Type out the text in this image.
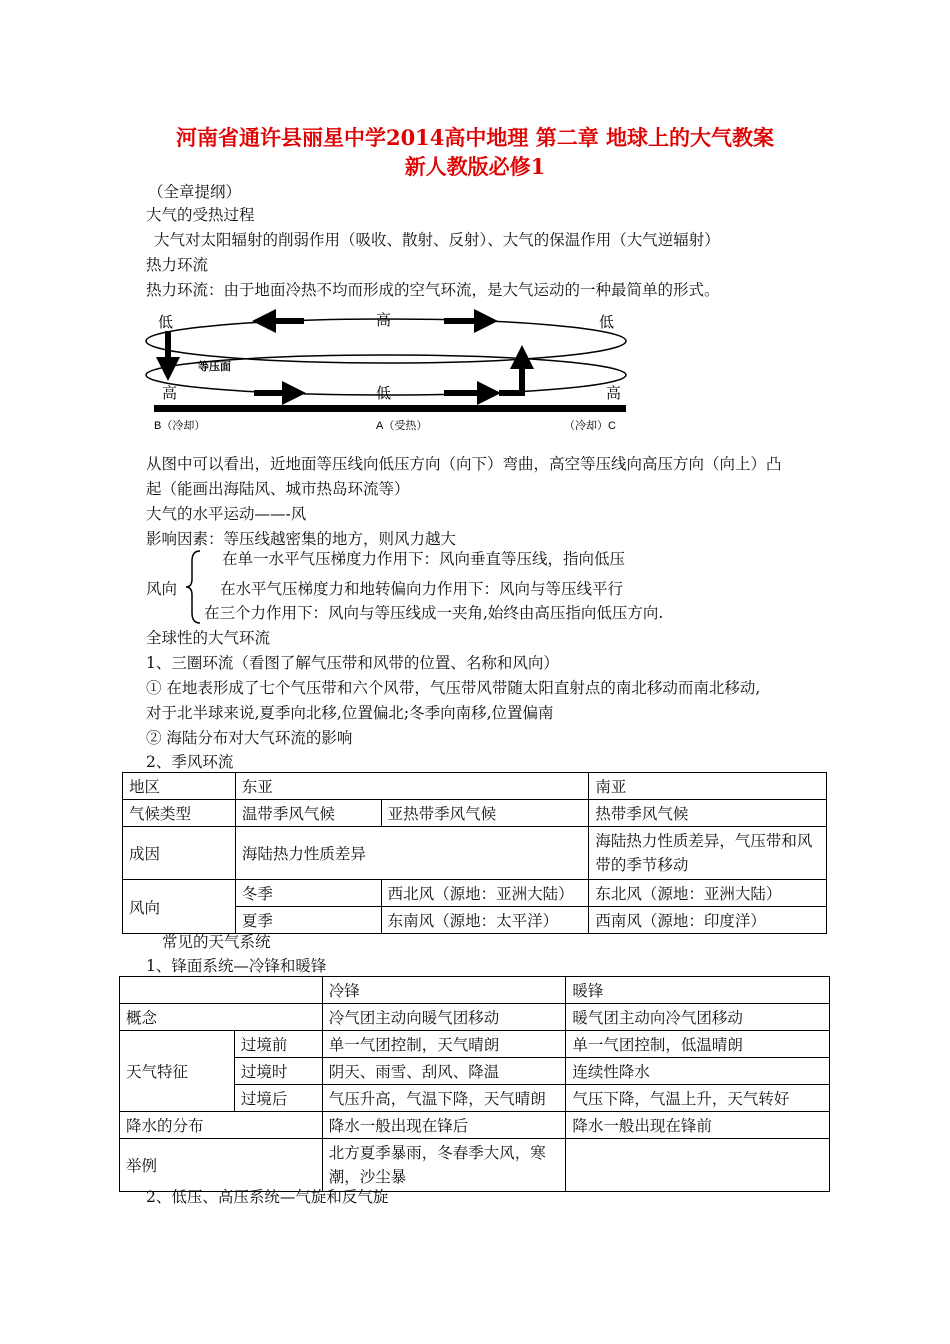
河南省通许县丽星中学2014高中地理 第二章 地球上的大气教案
新人教版必修1
（全章提纲）
大气的受热过程
大气对太阳辐射的削弱作用（吸收、散射、反射）、大气的保温作用（大气逆辐射）
热力环流
热力环流：由于地面冷热不均而形成的空气环流，是大气运动的一种最简单的形式。
高
低	低
高	低	高
等压面
B（冷却）	A（受热）	（冷却）C
从图中可以看出，近地面等压线向低压方向（向下）弯曲，高空等压线向高压方向（向上）凸
起（能画出海陆风、城市热岛环流等）
大气的水平运动——-风
影响因素：等压线越密集的地方，则风力越大
风向
在单一水平气压梯度力作用下：风向垂直等压线，指向低压
在水平气压梯度力和地转偏向力作用下：风向与等压线平行
在三个力作用下：风向与等压线成一夹角,始终由高压指向低压方向.
全球性的大气环流
1、三圈环流（看图了解气压带和风带的位置、名称和风向）
① 在地表形成了七个气压带和六个风带，气压带风带随太阳直射点的南北移动而南北移动,
对于北半球来说,夏季向北移,位置偏北;冬季向南移,位置偏南
② 海陆分布对大气环流的影响
2、季风环流
地区	东亚		南亚
气候类型	温带季风气候	亚热带季风气候	热带季风气候
成因	海陆热力性质差异		海陆热力性质差异，气压带和风带的季节移动
风向	冬季	西北风（源地：亚洲大陆）	东北风（源地：亚洲大陆）
	夏季	东南风（源地：太平洋）	西南风（源地：印度洋）
常见的天气系统
1、锋面系统—冷锋和暖锋
		冷锋	暖锋
概念		冷气团主动向暖气团移动	暖气团主动向冷气团移动
天气特征	过境前	单一气团控制，天气晴朗	单一气团控制，低温晴朗
	过境时	阴天、雨雪、刮风、降温	连续性降水
	过境后	气压升高，气温下降，天气晴朗	气压下降，气温上升，天气转好
降水的分布		降水一般出现在锋后	降水一般出现在锋前
举例		北方夏季暴雨，冬春季大风，寒潮，沙尘暴	
2、低压、高压系统—气旋和反气旋
